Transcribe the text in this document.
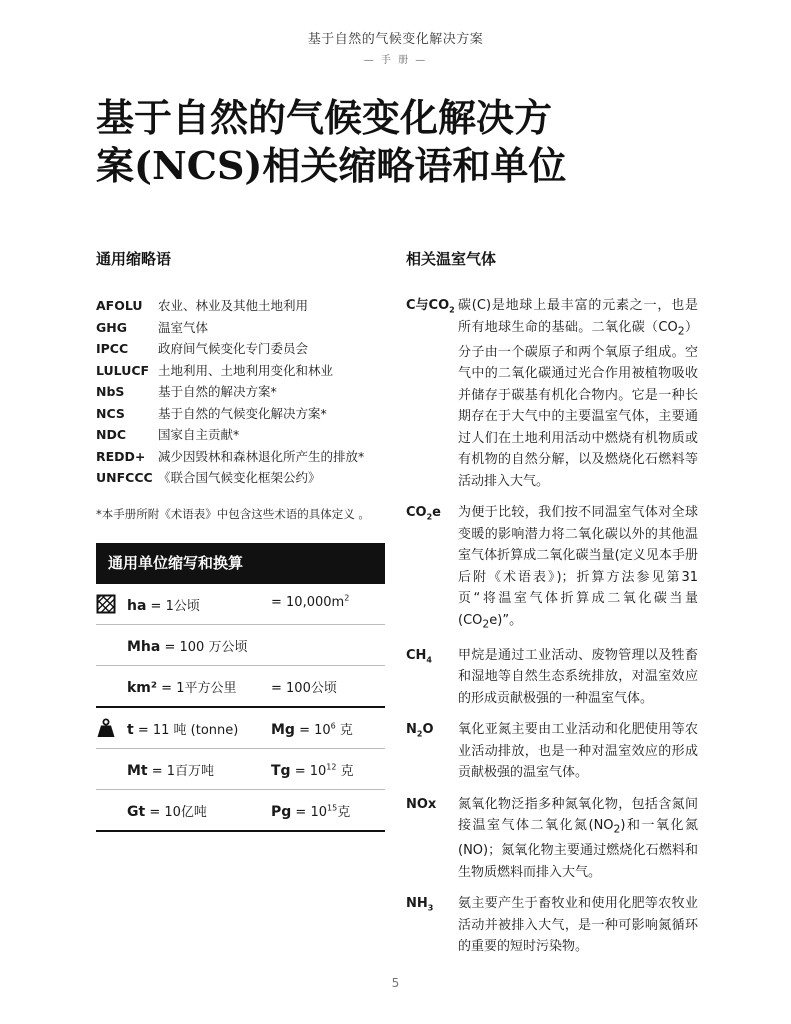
基于自然的气候变化解决方案
— 手 册 —
基于自然的气候变化解决方
案(NCS)相关缩略语和单位
通用缩略语
AFOLU	农业、林业及其他土地利用
GHG	温室气体
IPCC	政府间气候变化专门委员会
LULUCF 土地利用、土地利用变化和林业
NbS	基于自然的解决方案*
NCS	基于自然的气候变化解决方案*
NDC	国家自主贡献*
REDD+	减少因毁林和森林退化所产生的排放*
UNFCCC 《联合国气候变化框架公约》
*本手册所附《术语表》中包含这些术语的具体定义 。
通用单位缩写和换算
ha = 1公顷	= $10,000m^2$
Mha = 100 万公顷
km² = 1平方公里	= 100公顷
t = 11 吨 (tonne) $Mg = 10^6$ 克
Mt = 1百万吨	$Tg = 10^{12}$ 克
Gt = 10亿吨	$Pg = 10^{15}$克
相关温室气体
C与$CO_2$ 碳(C)是地球上最丰富的元素之一，也是所有地球生命的基础。二氧化碳$(CO_2)$分子由一个碳原子和两个氧原子组成。空气中的二氧化碳通过光合作用被植物吸收并储存于碳基有机化合物内。它是一种长期存在于大气中的主要温室气体，主要通过人们在土地利用活动中燃烧有机物质或有机物的自然分解，以及燃烧化石燃料等活动排入大气。
$CO_2e$	为便于比较，我们按不同温室气体对全球变暖的影响潜力将二氧化碳以外的其他温室气体折算成二氧化碳当量(定义见本手册后附《术语表》)；折算方法参见第31页“将温室气体折算成二氧化碳当量$(CO_2e)$”。
$CH_4$	甲烷是通过工业活动、废物管理以及牲畜和湿地等自然生态系统排放，对温室效应的形成贡献极强的一种温室气体。
$N_2O$	氧化亚氮主要由工业活动和化肥使用等农业活动排放，也是一种对温室效应的形成贡献极强的温室气体。
NOx	氮氧化物泛指多种氮氧化物，包括含氮间接温室气体二氧化氮$(NO_2)$和一氧化氮(NO)；氮氧化物主要通过燃烧化石燃料和生物质燃料而排入大气。
$NH_3$	氨主要产生于畜牧业和使用化肥等农牧业活动并被排入大气，是一种可影响氮循环的重要的短时污染物。
5
